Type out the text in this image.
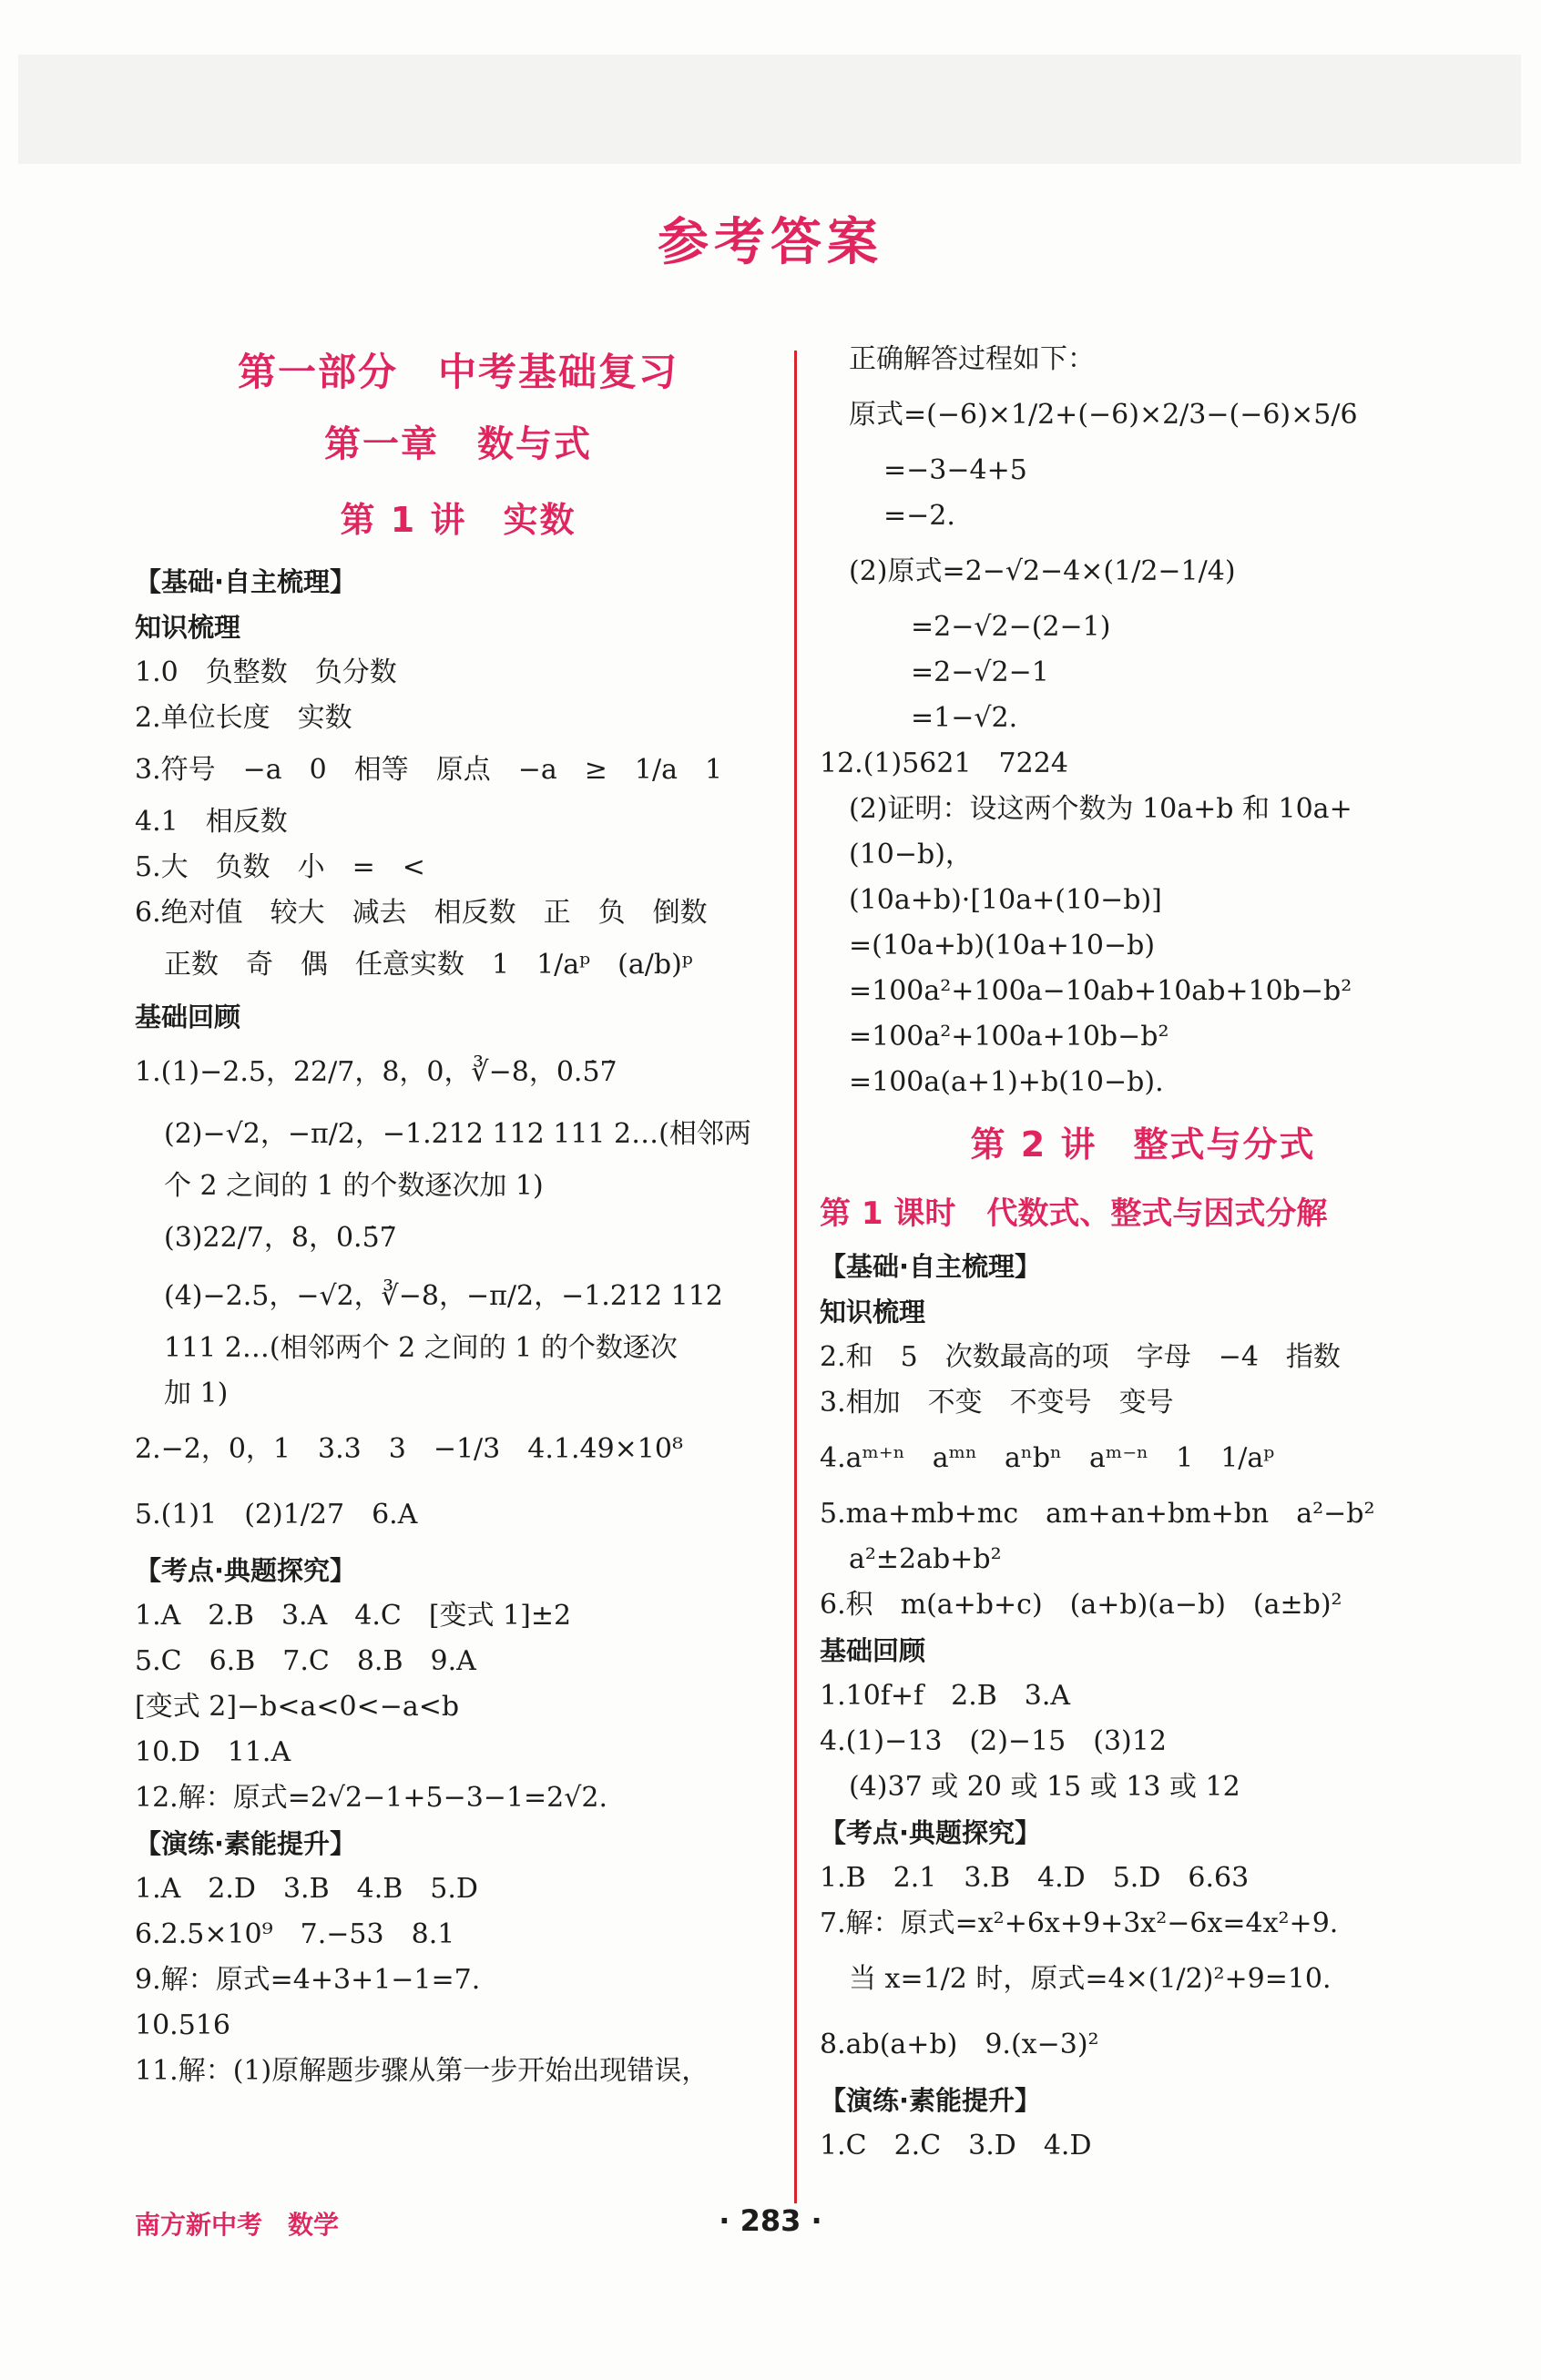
参考答案
第一部分　中考基础复习
第一章　数与式
第 1 讲　实数
【基础·自主梳理】
知识梳理
1.0　负整数　负分数
2.单位长度　实数
3.符号　−a　0　相等　原点　−a　≥　1/a　1
4.1　相反数
5.大　负数　小　=　<
6.绝对值　较大　减去　相反数　正　负　倒数
正数　奇　偶　任意实数　1　1/aᵖ　(a/b)ᵖ
基础回顾
1.(1)−2.5，22/7，8，0，∛−8，0.5̇7̇
(2)−√2，−π/2，−1.212 112 111 2…(相邻两
个 2 之间的 1 的个数逐次加 1)
(3)22/7，8，0.5̇7̇
(4)−2.5，−√2，∛−8，−π/2，−1.212 112
111 2…(相邻两个 2 之间的 1 的个数逐次
加 1)
2.−2，0，1　3.3　3　−1/3　4.1.49×10⁸
5.(1)1　(2)1/27　6.A
【考点·典题探究】
1.A　2.B　3.A　4.C　[变式 1]±2
5.C　6.B　7.C　8.B　9.A
[变式 2]−b<a<0<−a<b
10.D　11.A
12.解：原式=2√2−1+5−3−1=2√2.
【演练·素能提升】
1.A　2.D　3.B　4.B　5.D
6.2.5×10⁹　7.−53　8.1
9.解：原式=4+3+1−1=7.
10.516
11.解：(1)原解题步骤从第一步开始出现错误，
正确解答过程如下：
原式=(−6)×1/2+(−6)×2/3−(−6)×5/6
=−3−4+5
=−2.
(2)原式=2−√2−4×(1/2−1/4)
　=2−√2−(2−1)
　=2−√2−1
　=1−√2.
12.(1)5621　7224
(2)证明：设这两个数为 10a+b 和 10a+
(10−b)，
(10a+b)·[10a+(10−b)]
=(10a+b)(10a+10−b)
=100a²+100a−10ab+10ab+10b−b²
=100a²+100a+10b−b²
=100a(a+1)+b(10−b).
第 2 讲　整式与分式
第 1 课时　代数式、整式与因式分解
【基础·自主梳理】
知识梳理
2.和　5　次数最高的项　字母　−4　指数
3.相加　不变　不变号　变号
4.aᵐ⁺ⁿ　aᵐⁿ　aⁿbⁿ　aᵐ⁻ⁿ　1　1/aᵖ
5.ma+mb+mc　am+an+bm+bn　a²−b²
a²±2ab+b²
6.积　m(a+b+c)　(a+b)(a−b)　(a±b)²
基础回顾
1.10f+f　2.B　3.A
4.(1)−13　(2)−15　(3)12
(4)37 或 20 或 15 或 13 或 12
【考点·典题探究】
1.B　2.1　3.B　4.D　5.D　6.63
7.解：原式=x²+6x+9+3x²−6x=4x²+9.
当 x=1/2 时，原式=4×(1/2)²+9=10.
8.ab(a+b)　9.(x−3)²
【演练·素能提升】
1.C　2.C　3.D　4.D
南方新中考　数学	· 283 ·
